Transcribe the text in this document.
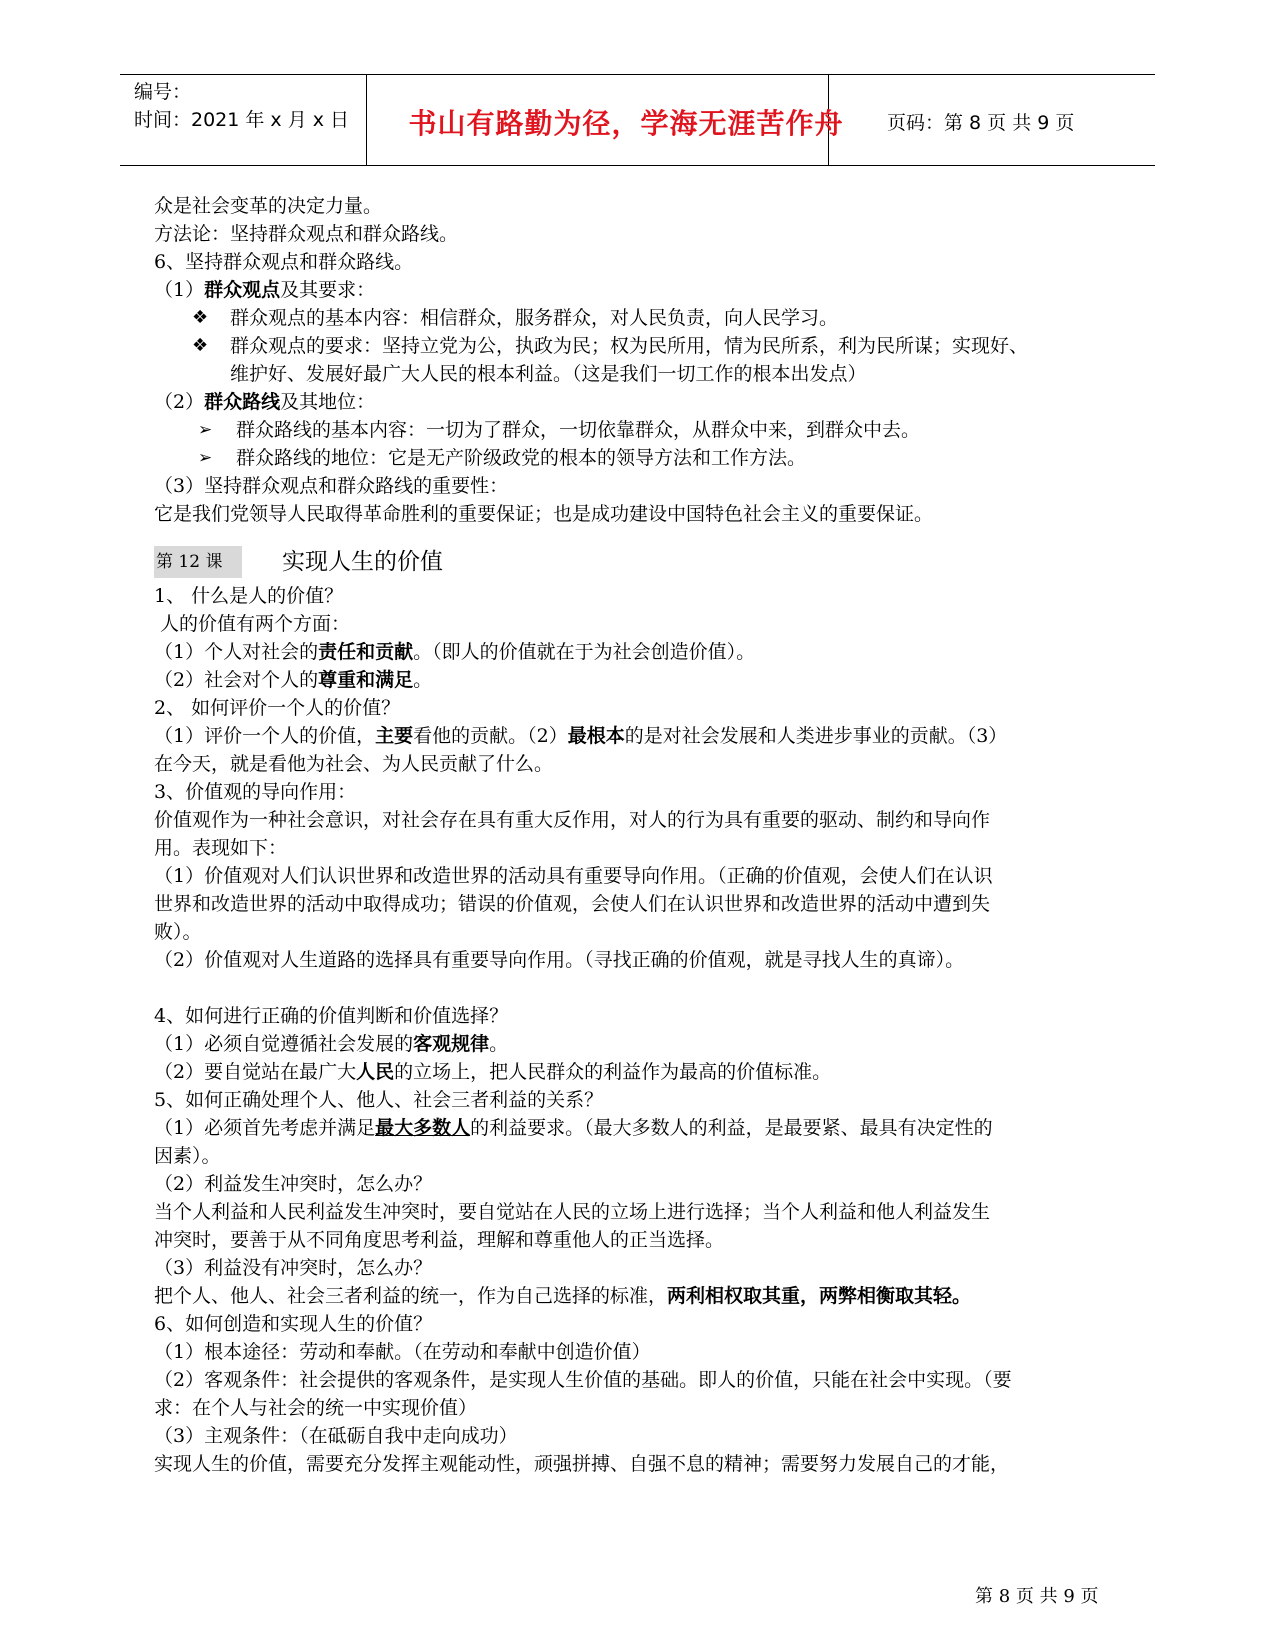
编号：
时间：2021 年 x 月 x 日	书山有路勤为径，学海无涯苦作舟	页码：第 8 页 共 9 页
众是社会变革的决定力量。
方法论：坚持群众观点和群众路线。
6、坚持群众观点和群众路线。
（1）群众观点及其要求：
❖ 群众观点的基本内容：相信群众，服务群众，对人民负责，向人民学习。
❖ 群众观点的要求：坚持立党为公，执政为民；权为民所用，情为民所系，利为民所谋；实现好、
维护好、发展好最广大人民的根本利益。（这是我们一切工作的根本出发点）
（2）群众路线及其地位：
➢ 群众路线的基本内容：一切为了群众，一切依靠群众，从群众中来，到群众中去。
➢ 群众路线的地位：它是无产阶级政党的根本的领导方法和工作方法。
（3）坚持群众观点和群众路线的重要性：
它是我们党领导人民取得革命胜利的重要保证；也是成功建设中国特色社会主义的重要保证。
第 12 课	实现人生的价值
1、 什么是人的价值？
人的价值有两个方面：
（1）个人对社会的责任和贡献。（即人的价值就在于为社会创造价值）。
（2）社会对个人的尊重和满足。
2、 如何评价一个人的价值？
（1）评价一个人的价值，主要看他的贡献。（2）最根本的是对社会发展和人类进步事业的贡献。（3）
在今天，就是看他为社会、为人民贡献了什么。
3、价值观的导向作用：
价值观作为一种社会意识，对社会存在具有重大反作用，对人的行为具有重要的驱动、制约和导向作
用。表现如下：
（1）价值观对人们认识世界和改造世界的活动具有重要导向作用。（正确的价值观，会使人们在认识
世界和改造世界的活动中取得成功；错误的价值观，会使人们在认识世界和改造世界的活动中遭到失
败）。
（2）价值观对人生道路的选择具有重要导向作用。（寻找正确的价值观，就是寻找人生的真谛）。
4、如何进行正确的价值判断和价值选择？
（1）必须自觉遵循社会发展的客观规律。
（2）要自觉站在最广大人民的立场上，把人民群众的利益作为最高的价值标准。
5、如何正确处理个人、他人、社会三者利益的关系？
（1）必须首先考虑并满足最大多数人的利益要求。（最大多数人的利益，是最要紧、最具有决定性的
因素）。
（2）利益发生冲突时，怎么办？
当个人利益和人民利益发生冲突时，要自觉站在人民的立场上进行选择；当个人利益和他人利益发生
冲突时，要善于从不同角度思考利益，理解和尊重他人的正当选择。
（3）利益没有冲突时，怎么办？
把个人、他人、社会三者利益的统一，作为自己选择的标准，两利相权取其重，两弊相衡取其轻。
6、如何创造和实现人生的价值？
（1）根本途径：劳动和奉献。（在劳动和奉献中创造价值）
（2）客观条件：社会提供的客观条件，是实现人生价值的基础。即人的价值，只能在社会中实现。（要
求：在个人与社会的统一中实现价值）
（3）主观条件：（在砥砺自我中走向成功）
实现人生的价值，需要充分发挥主观能动性，顽强拼搏、自强不息的精神；需要努力发展自己的才能，
第 8 页 共 9 页
